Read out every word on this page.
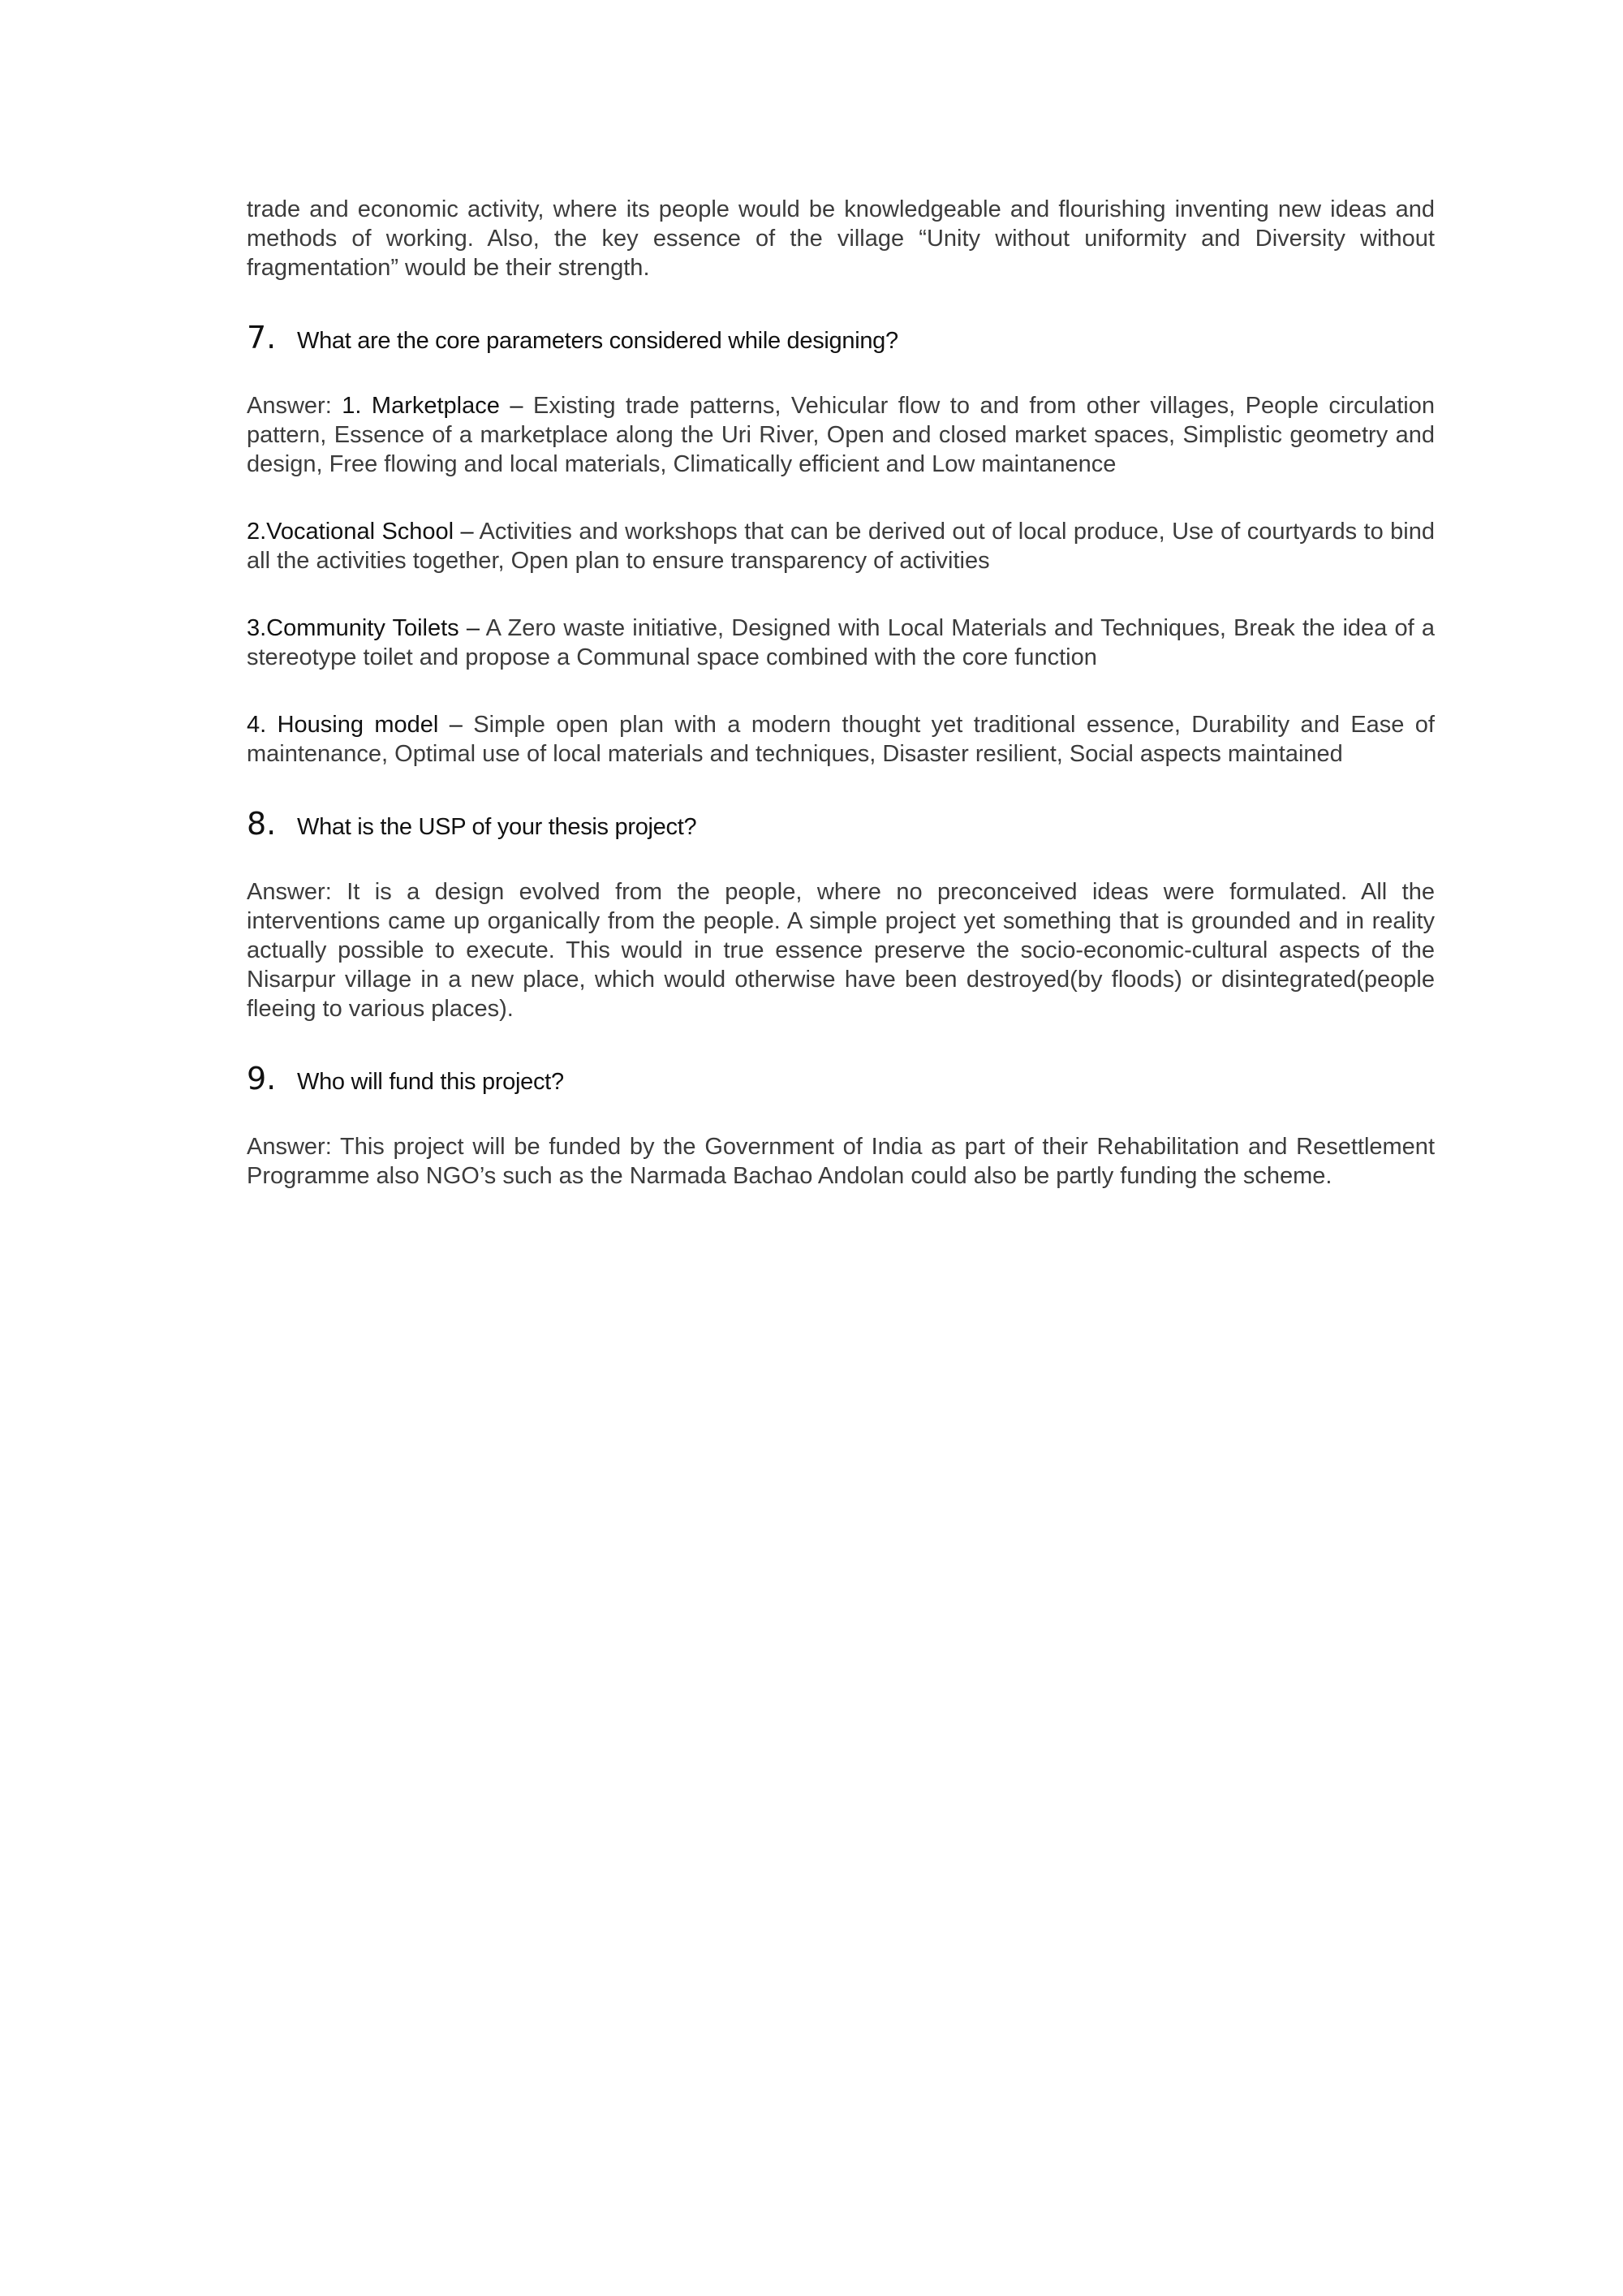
trade and economic activity, where its people would be knowledgeable and flourishing inventing new ideas and methods of working. Also, the key essence of the village “Unity without uniformity and Diversity without fragmentation” would be their strength.

7. What are the core parameters considered while designing?

Answer: 1. Marketplace – Existing trade patterns, Vehicular flow to and from other villages, People circulation pattern, Essence of a marketplace along the Uri River, Open and closed market spaces, Simplistic geometry and design, Free flowing and local materials, Climatically efficient and Low maintanence

2.Vocational School – Activities and workshops that can be derived out of local produce, Use of courtyards to bind all the activities together, Open plan to ensure transparency of activities

3.Community Toilets – A Zero waste initiative, Designed with Local Materials and Techniques, Break the idea of a stereotype toilet and propose a Communal space combined with the core function

4. Housing model – Simple open plan with a modern thought yet traditional essence, Durability and Ease of maintenance, Optimal use of local materials and techniques, Disaster resilient, Social aspects maintained

8. What is the USP of your thesis project?

Answer: It is a design evolved from the people, where no preconceived ideas were formulated. All the interventions came up organically from the people. A simple project yet something that is grounded and in reality actually possible to execute. This would in true essence preserve the socio-economic-cultural aspects of the Nisarpur village in a new place, which would otherwise have been destroyed(by floods) or disintegrated(people fleeing to various places).

9. Who will fund this project?

Answer: This project will be funded by the Government of India as part of their Rehabilitation and Resettlement Programme also NGO’s such as the Narmada Bachao Andolan could also be partly funding the scheme.
